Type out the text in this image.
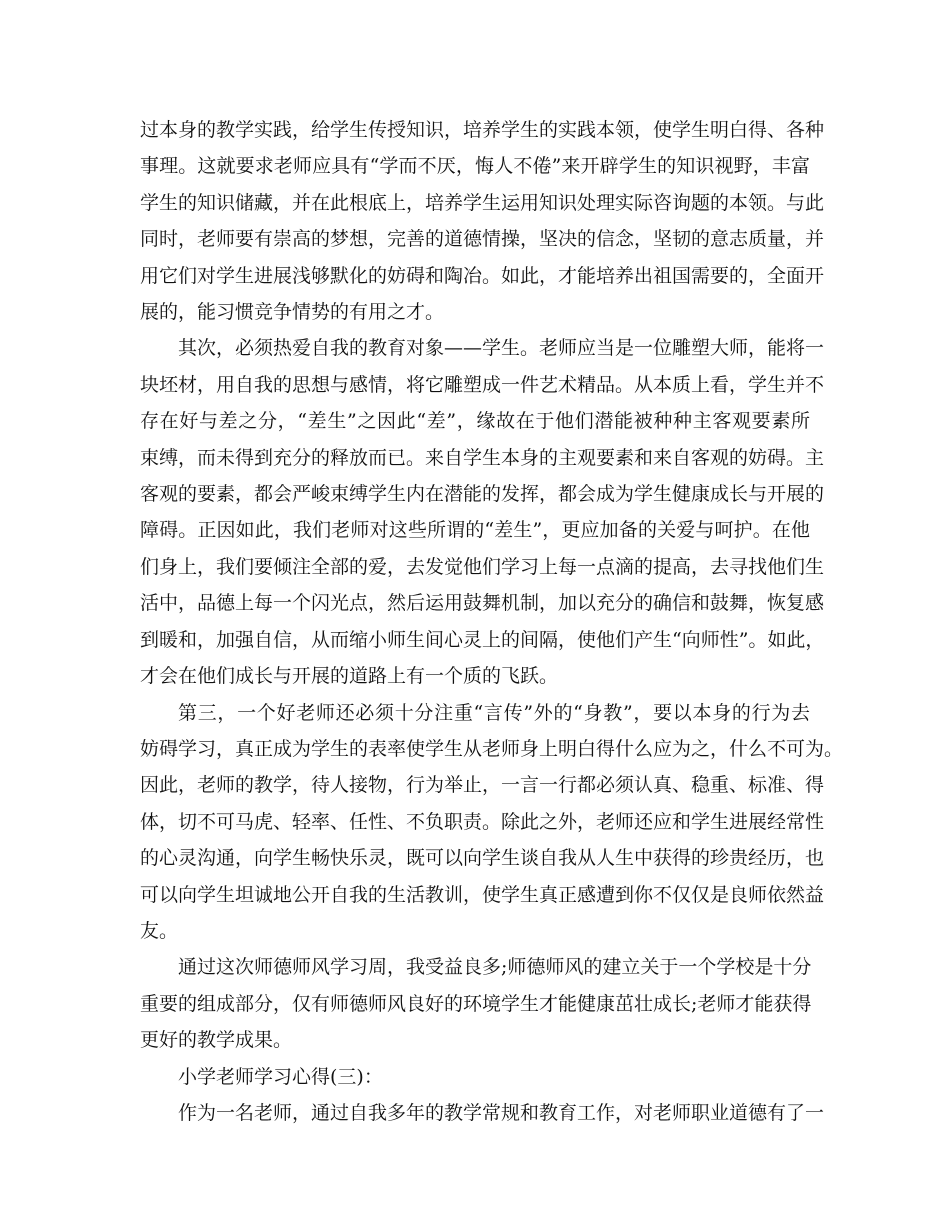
过本身的教学实践，给学生传授知识，培养学生的实践本领，使学生明白得、各种
事理。这就要求老师应具有“学而不厌，悔人不倦”来开辟学生的知识视野，丰富
学生的知识储藏，并在此根底上，培养学生运用知识处理实际咨询题的本领。与此
同时，老师要有崇高的梦想，完善的道德情操，坚决的信念，坚韧的意志质量，并
用它们对学生进展浅够默化的妨碍和陶冶。如此，才能培养出祖国需要的，全面开
展的，能习惯竞争情势的有用之才。
其次，必须热爱自我的教育对象——学生。老师应当是一位雕塑大师，能将一
块坯材，用自我的思想与感情，将它雕塑成一件艺术精品。从本质上看，学生并不
存在好与差之分，“差生”之因此“差”，缘故在于他们潜能被种种主客观要素所
束缚，而未得到充分的释放而已。来自学生本身的主观要素和来自客观的妨碍。主
客观的要素，都会严峻束缚学生内在潜能的发挥，都会成为学生健康成长与开展的
障碍。正因如此，我们老师对这些所谓的“差生”，更应加备的关爱与呵护。在他
们身上，我们要倾注全部的爱，去发觉他们学习上每一点滴的提高，去寻找他们生
活中，品德上每一个闪光点，然后运用鼓舞机制，加以充分的确信和鼓舞，恢复感
到暖和，加强自信，从而缩小师生间心灵上的间隔，使他们产生“向师性”。如此，
才会在他们成长与开展的道路上有一个质的飞跃。
第三，一个好老师还必须十分注重“言传”外的“身教”，要以本身的行为去
妨碍学习，真正成为学生的表率使学生从老师身上明白得什么应为之，什么不可为。
因此，老师的教学，待人接物，行为举止，一言一行都必须认真、稳重、标准、得
体，切不可马虎、轻率、任性、不负职责。除此之外，老师还应和学生进展经常性
的心灵沟通，向学生畅快乐灵，既可以向学生谈自我从人生中获得的珍贵经历，也
可以向学生坦诚地公开自我的生活教训，使学生真正感遭到你不仅仅是良师依然益
友。
通过这次师德师风学习周，我受益良多;师德师风的建立关于一个学校是十分
重要的组成部分，仅有师德师风良好的环境学生才能健康茁壮成长;老师才能获得
更好的教学成果。
小学老师学习心得(三)：
作为一名老师，通过自我多年的教学常规和教育工作，对老师职业道德有了一
